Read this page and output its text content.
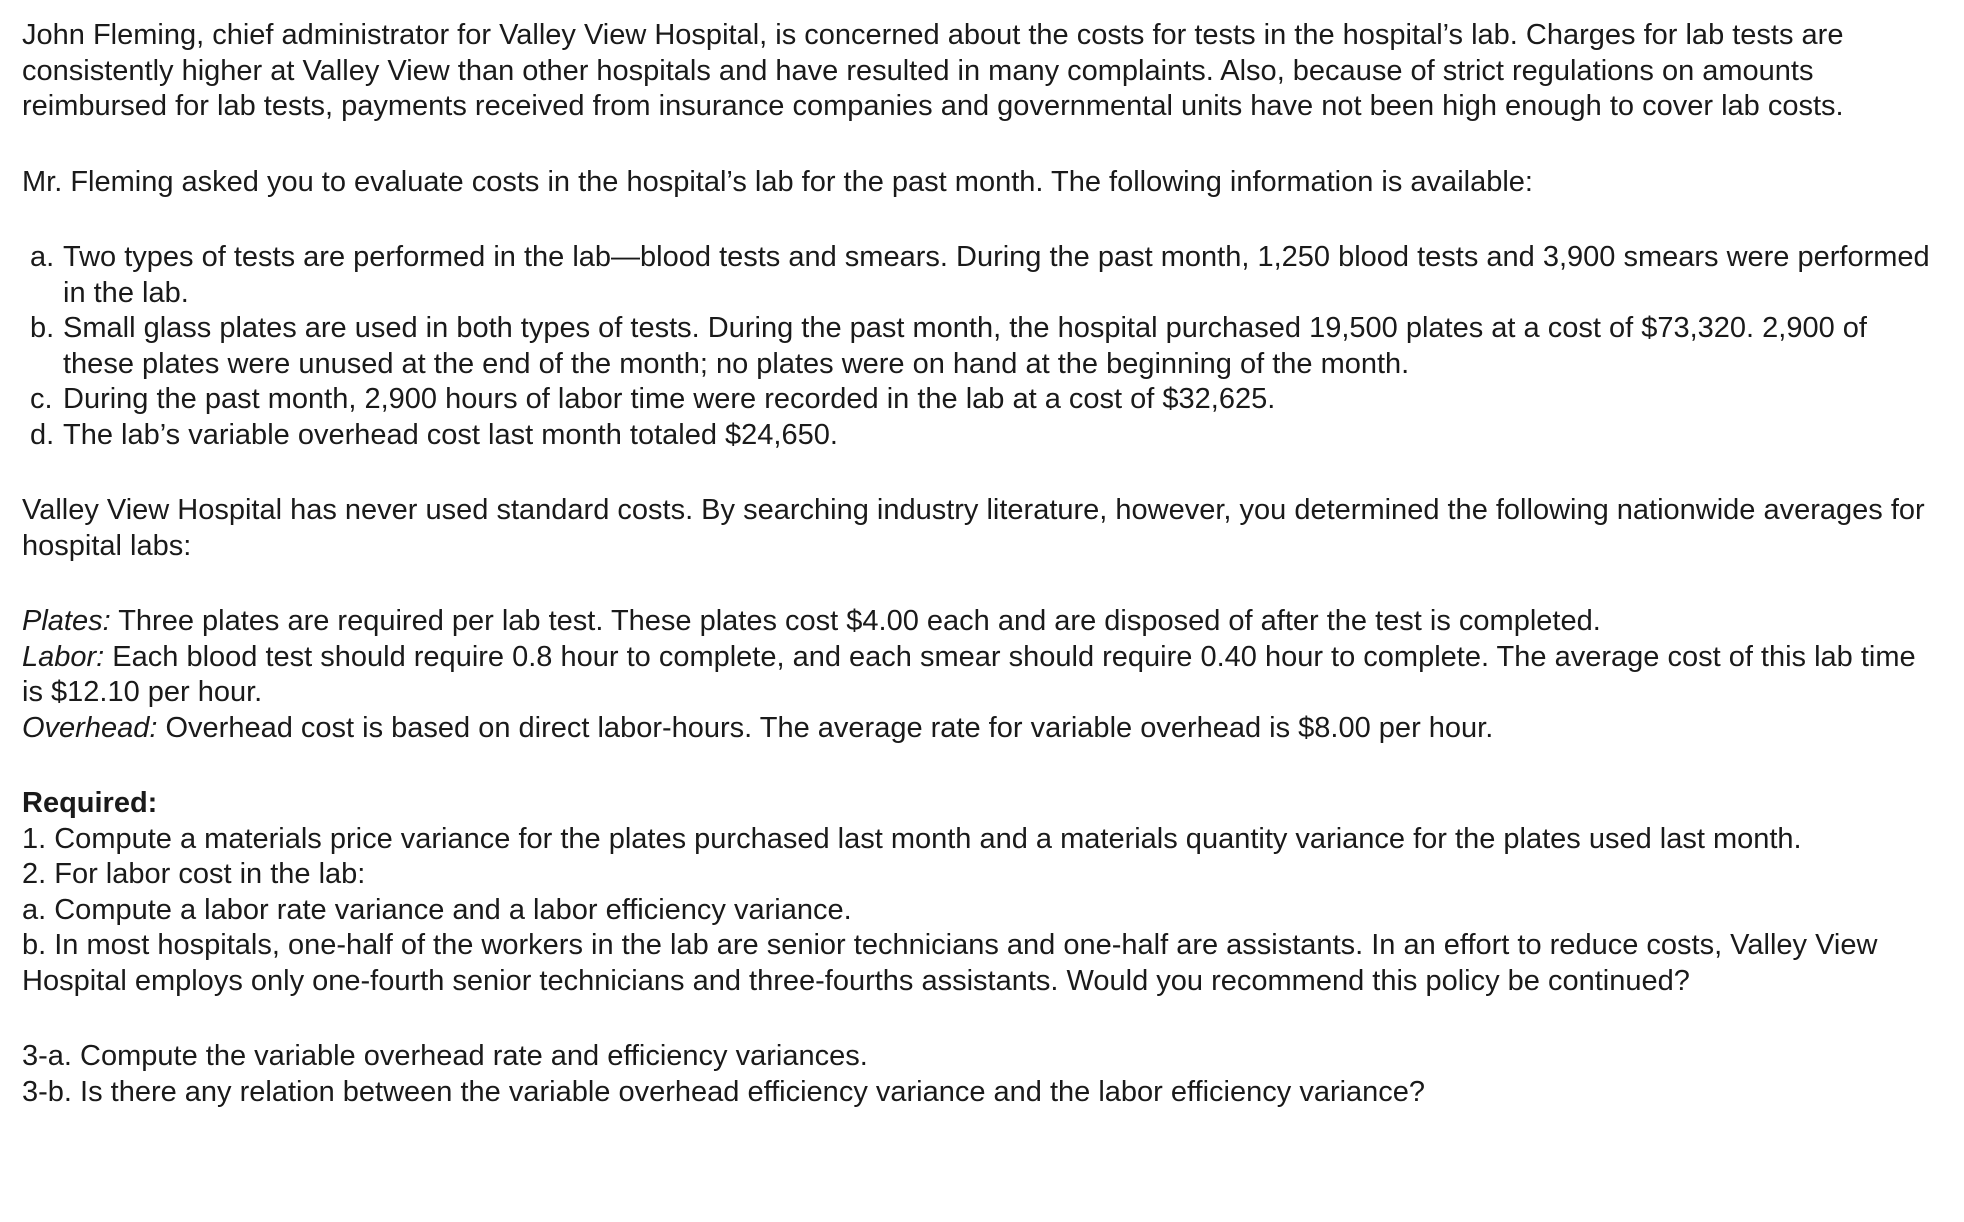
John Fleming, chief administrator for Valley View Hospital, is concerned about the costs for tests in the hospital’s lab. Charges for lab tests are consistently higher at Valley View than other hospitals and have resulted in many complaints. Also, because of strict regulations on amounts reimbursed for lab tests, payments received from insurance companies and governmental units have not been high enough to cover lab costs.

Mr. Fleming asked you to evaluate costs in the hospital’s lab for the past month. The following information is available:

a. Two types of tests are performed in the lab—blood tests and smears. During the past month, 1,250 blood tests and 3,900 smears were performed in the lab.
b. Small glass plates are used in both types of tests. During the past month, the hospital purchased 19,500 plates at a cost of $73,320. 2,900 of these plates were unused at the end of the month; no plates were on hand at the beginning of the month.
c. During the past month, 2,900 hours of labor time were recorded in the lab at a cost of $32,625.
d. The lab’s variable overhead cost last month totaled $24,650.

Valley View Hospital has never used standard costs. By searching industry literature, however, you determined the following nationwide averages for hospital labs:

Plates: Three plates are required per lab test. These plates cost $4.00 each and are disposed of after the test is completed.

Labor: Each blood test should require 0.8 hour to complete, and each smear should require 0.40 hour to complete. The average cost of this lab time is $12.10 per hour.

Overhead: Overhead cost is based on direct labor-hours. The average rate for variable overhead is $8.00 per hour.

Required:

1. Compute a materials price variance for the plates purchased last month and a materials quantity variance for the plates used last month.

2. For labor cost in the lab:

a. Compute a labor rate variance and a labor efficiency variance.

b. In most hospitals, one-half of the workers in the lab are senior technicians and one-half are assistants. In an effort to reduce costs, Valley View Hospital employs only one-fourth senior technicians and three-fourths assistants. Would you recommend this policy be continued?

3-a. Compute the variable overhead rate and efficiency variances.

3-b. Is there any relation between the variable overhead efficiency variance and the labor efficiency variance?
